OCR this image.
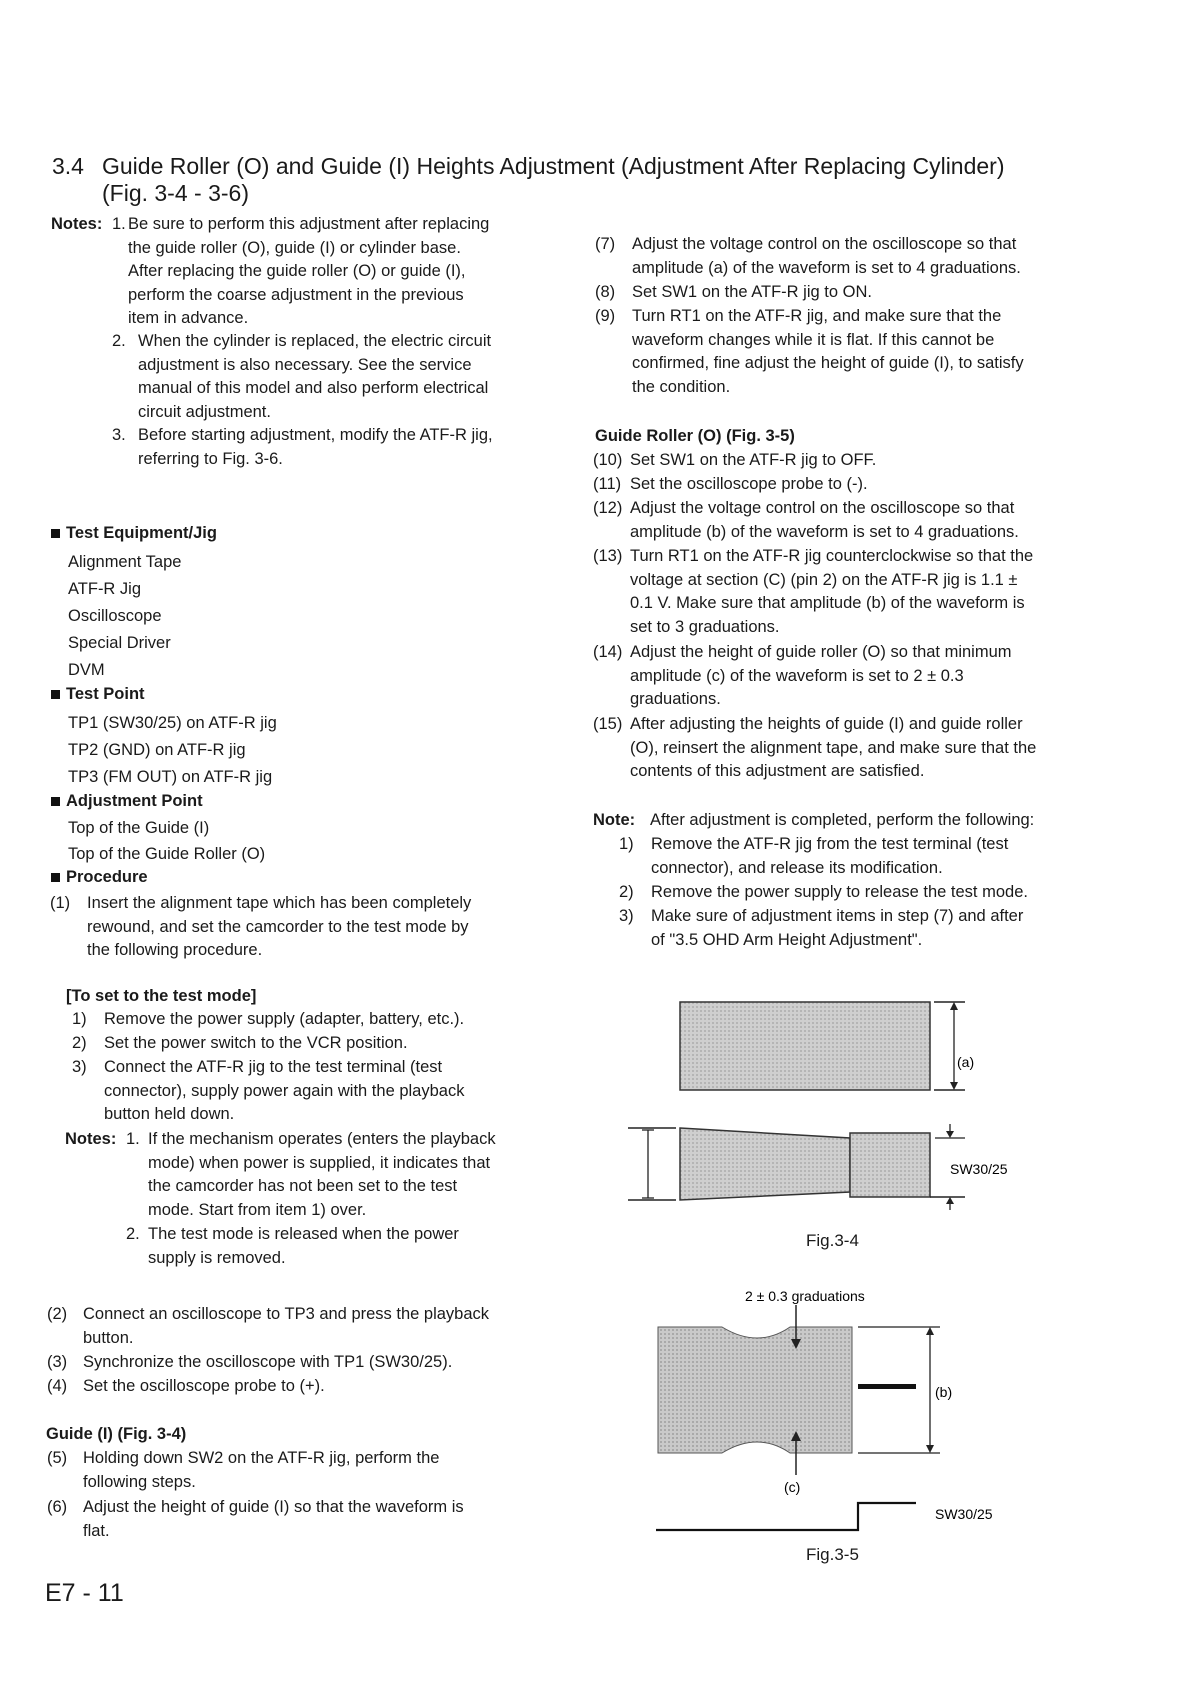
3.4 Guide Roller (O) and Guide (I) Heights Adjustment (Adjustment After Replacing Cylinder)
(Fig. 3-4 - 3-6)
Notes: 1. Be sure to perform this adjustment after replacing
the guide roller (O), guide (I) or cylinder base.
After replacing the guide roller (O) or guide (I),
perform the coarse adjustment in the previous
item in advance.
2. When the cylinder is replaced, the electric circuit
adjustment is also necessary. See the service
manual of this model and also perform electrical
circuit adjustment.
3. Before starting adjustment, modify the ATF-R jig,
referring to Fig. 3-6.
Test Equipment/Jig
Alignment Tape
ATF-R Jig
Oscilloscope
Special Driver
DVM
Test Point
TP1 (SW30/25) on ATF-R jig
TP2 (GND) on ATF-R jig
TP3 (FM OUT) on ATF-R jig
Adjustment Point
Top of the Guide (I)
Top of the Guide Roller (O)
Procedure
(1) Insert the alignment tape which has been completely
rewound, and set the camcorder to the test mode by
the following procedure.
[To set to the test mode]
1) Remove the power supply (adapter, battery, etc.).
2) Set the power switch to the VCR position.
3) Connect the ATF-R jig to the test terminal (test
connector), supply power again with the playback
button held down.
Notes: 1. If the mechanism operates (enters the playback
mode) when power is supplied, it indicates that
the camcorder has not been set to the test
mode. Start from item 1) over.
2. The test mode is released when the power
supply is removed.
(2) Connect an oscilloscope to TP3 and press the playback
button.
(3) Synchronize the oscilloscope with TP1 (SW30/25).
(4) Set the oscilloscope probe to (+).
Guide (I) (Fig. 3-4)
(5) Holding down SW2 on the ATF-R jig, perform the
following steps.
(6) Adjust the height of guide (I) so that the waveform is
flat.
E7 - 11
(7) Adjust the voltage control on the oscilloscope so that
amplitude (a) of the waveform is set to 4 graduations.
(8) Set SW1 on the ATF-R jig to ON.
(9) Turn RT1 on the ATF-R jig, and make sure that the
waveform changes while it is flat. If this cannot be
confirmed, fine adjust the height of guide (I), to satisfy
the condition.
Guide Roller (O) (Fig. 3-5)
(10) Set SW1 on the ATF-R jig to OFF.
(11) Set the oscilloscope probe to (-).
(12) Adjust the voltage control on the oscilloscope so that
amplitude (b) of the waveform is set to 4 graduations.
(13) Turn RT1 on the ATF-R jig counterclockwise so that the
voltage at section (C) (pin 2) on the ATF-R jig is 1.1 ±
0.1 V. Make sure that amplitude (b) of the waveform is
set to 3 graduations.
(14) Adjust the height of guide roller (O) so that minimum
amplitude (c) of the waveform is set to 2 ± 0.3
graduations.
(15) After adjusting the heights of guide (I) and guide roller
(O), reinsert the alignment tape, and make sure that the
contents of this adjustment are satisfied.
Note: After adjustment is completed, perform the following:
1) Remove the ATF-R jig from the test terminal (test
connector), and release its modification.
2) Remove the power supply to release the test mode.
3) Make sure of adjustment items in step (7) and after
of "3.5 OHD Arm Height Adjustment".
(a)
SW30/25
Fig.3-4
2 ± 0.3 graduations
(c)
(b)
SW30/25
Fig.3-5
